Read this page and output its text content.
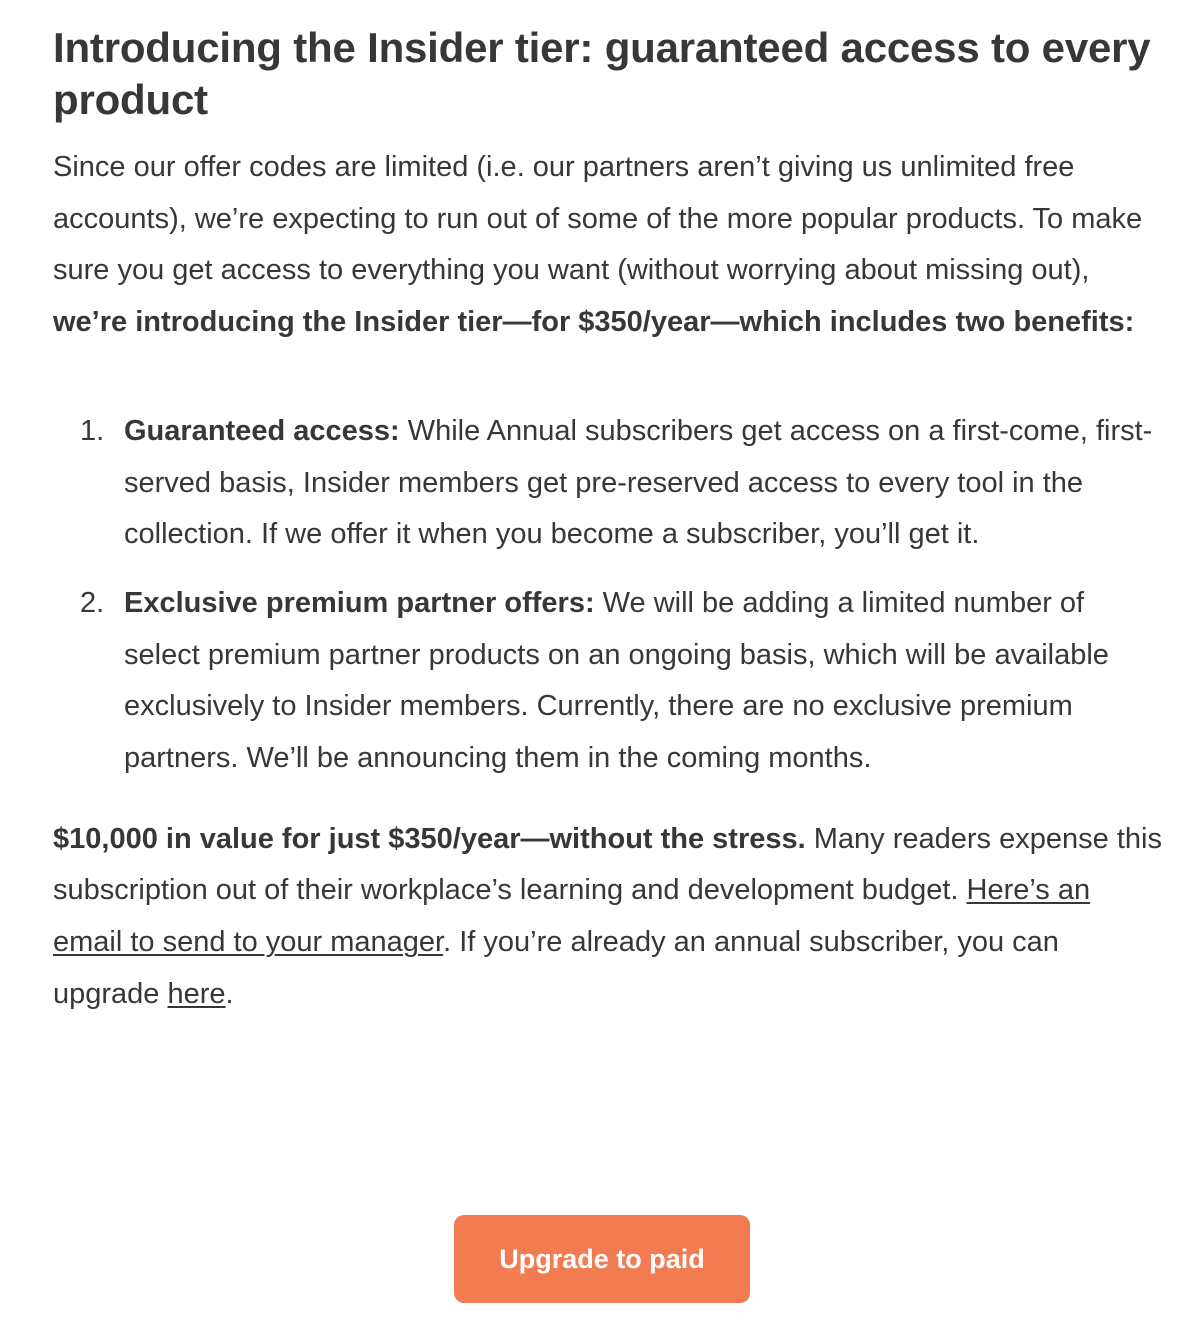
Introducing the Insider tier: guaranteed access to every product

Since our offer codes are limited (i.e. our partners aren’t giving us unlimited free accounts), we’re expecting to run out of some of the more popular products. To make sure you get access to everything you want (without worrying about missing out), we’re introducing the Insider tier—for $350/year—which includes two benefits:

1. Guaranteed access: While Annual subscribers get access on a first-come, first-served basis, Insider members get pre-reserved access to every tool in the collection. If we offer it when you become a subscriber, you’ll get it.
2. Exclusive premium partner offers: We will be adding a limited number of select premium partner products on an ongoing basis, which will be available exclusively to Insider members. Currently, there are no exclusive premium partners. We’ll be announcing them in the coming months.

$10,000 in value for just $350/year—without the stress. Many readers expense this subscription out of their workplace’s learning and development budget. Here’s an email to send to your manager. If you’re already an annual subscriber, you can upgrade here.

Upgrade to paid
